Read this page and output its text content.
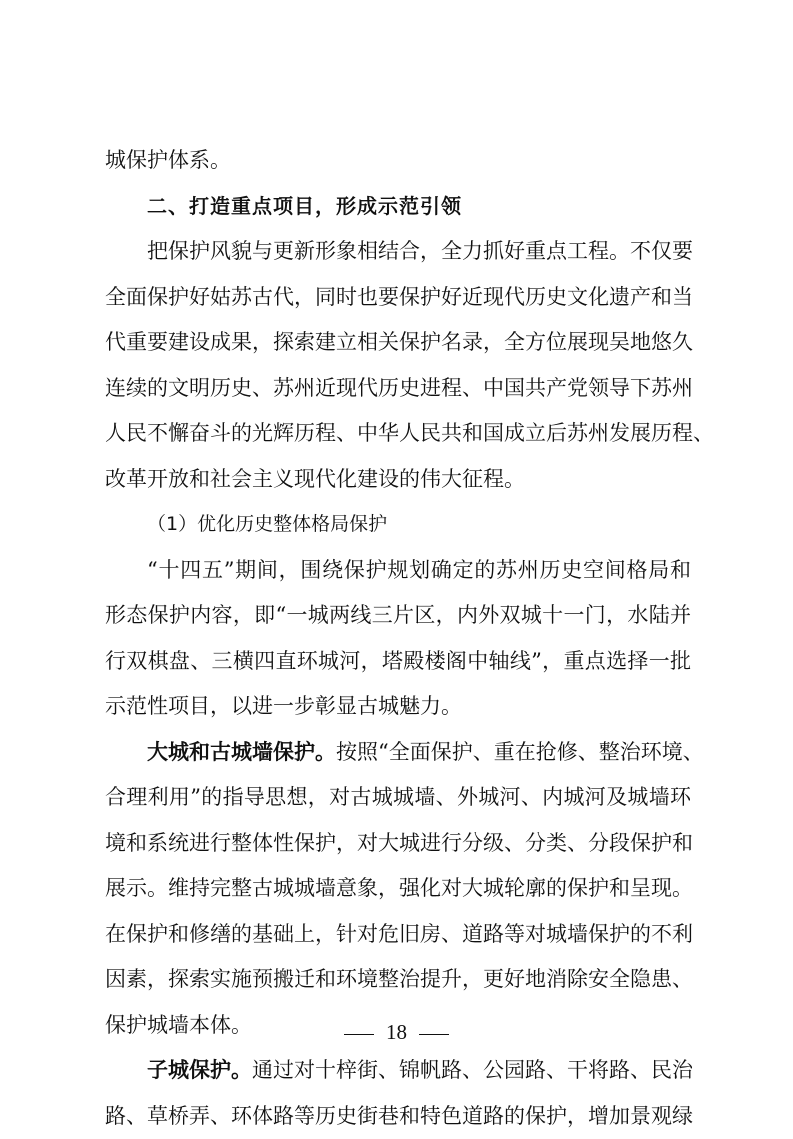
城保护体系。
二、打造重点项目，形成示范引领
把保护风貌与更新形象相结合，全力抓好重点工程。不仅要
全面保护好姑苏古代，同时也要保护好近现代历史文化遗产和当
代重要建设成果，探索建立相关保护名录，全方位展现吴地悠久
连续的文明历史、苏州近现代历史进程、中国共产党领导下苏州
人民不懈奋斗的光辉历程、中华人民共和国成立后苏州发展历程、
改革开放和社会主义现代化建设的伟大征程。
（1）优化历史整体格局保护
“十四五”期间，围绕保护规划确定的苏州历史空间格局和
形态保护内容，即“一城两线三片区，内外双城十一门，水陆并
行双棋盘、三横四直环城河，塔殿楼阁中轴线”，重点选择一批
示范性项目，以进一步彰显古城魅力。
大城和古城墙保护。按照“全面保护、重在抢修、整治环境、
合理利用”的指导思想，对古城城墙、外城河、内城河及城墙环
境和系统进行整体性保护，对大城进行分级、分类、分段保护和
展示。维持完整古城城墙意象，强化对大城轮廓的保护和呈现。
在保护和修缮的基础上，针对危旧房、道路等对城墙保护的不利
因素，探索实施预搬迁和环境整治提升，更好地消除安全隐患、
保护城墙本体。
子城保护。通过对十梓街、锦帆路、公园路、干将路、民治
路、草桥弄、环体路等历史街巷和特色道路的保护，增加景观绿
18
